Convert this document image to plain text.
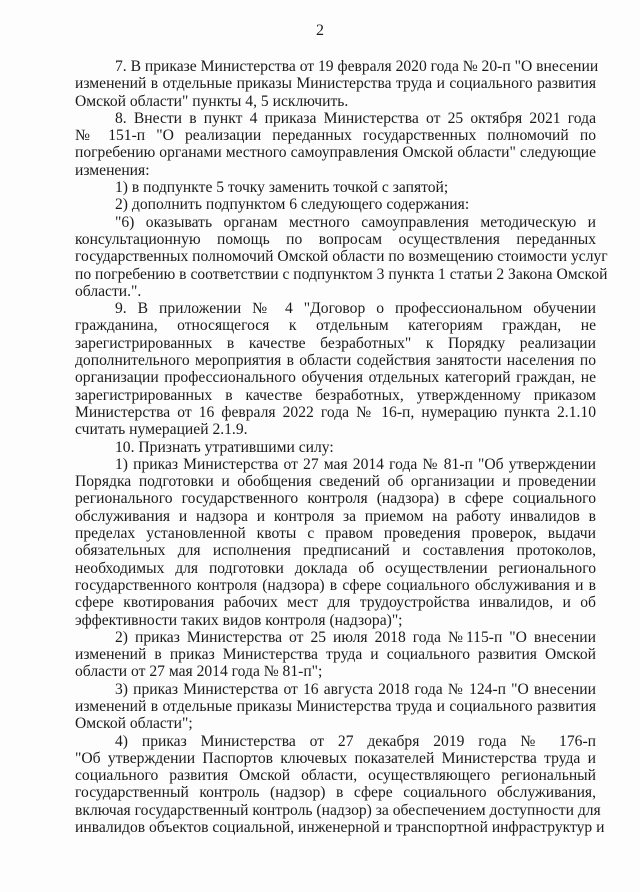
2
7. В приказе Министерства от 19 февраля 2020 года № 20-п "О внесении
изменений в отдельные приказы Министерства труда и социального развития
Омской области" пункты 4, 5 исключить.
8. Внести в пункт 4 приказа Министерства от 25 октября 2021 года
№ 151-п "О реализации переданных государственных полномочий по
погребению органами местного самоуправления Омской области" следующие
изменения:
1) в подпункте 5 точку заменить точкой с запятой;
2) дополнить подпунктом 6 следующего содержания:
"6) оказывать органам местного самоуправления методическую и
консультационную помощь по вопросам осуществления переданных
государственных полномочий Омской области по возмещению стоимости услуг
по погребению в соответствии с подпунктом 3 пункта 1 статьи 2 Закона Омской
области.".
9. В приложении № 4 "Договор о профессиональном обучении
гражданина, относящегося к отдельным категориям граждан, не
зарегистрированных в качестве безработных" к Порядку реализации
дополнительного мероприятия в области содействия занятости населения по
организации профессионального обучения отдельных категорий граждан, не
зарегистрированных в качестве безработных, утвержденному приказом
Министерства от 16 февраля 2022 года № 16-п, нумерацию пункта 2.1.10
считать нумерацией 2.1.9.
10. Признать утратившими силу:
1) приказ Министерства от 27 мая 2014 года № 81-п "Об утверждении
Порядка подготовки и обобщения сведений об организации и проведении
регионального государственного контроля (надзора) в сфере социального
обслуживания и надзора и контроля за приемом на работу инвалидов в
пределах установленной квоты с правом проведения проверок, выдачи
обязательных для исполнения предписаний и составления протоколов,
необходимых для подготовки доклада об осуществлении регионального
государственного контроля (надзора) в сфере социального обслуживания и в
сфере квотирования рабочих мест для трудоустройства инвалидов, и об
эффективности таких видов контроля (надзора)";
2) приказ Министерства от 25 июля 2018 года №115-п "О внесении
изменений в приказ Министерства труда и социального развития Омской
области от 27 мая 2014 года № 81-п";
3) приказ Министерства от 16 августа 2018 года № 124-п "О внесении
изменений в отдельные приказы Министерства труда и социального развития
Омской области";
4) приказ Министерства от 27 декабря 2019 года № 176-п
"Об утверждении Паспортов ключевых показателей Министерства труда и
социального развития Омской области, осуществляющего региональный
государственный контроль (надзор) в сфере социального обслуживания,
включая государственный контроль (надзор) за обеспечением доступности для
инвалидов объектов социальной, инженерной и транспортной инфраструктур и
